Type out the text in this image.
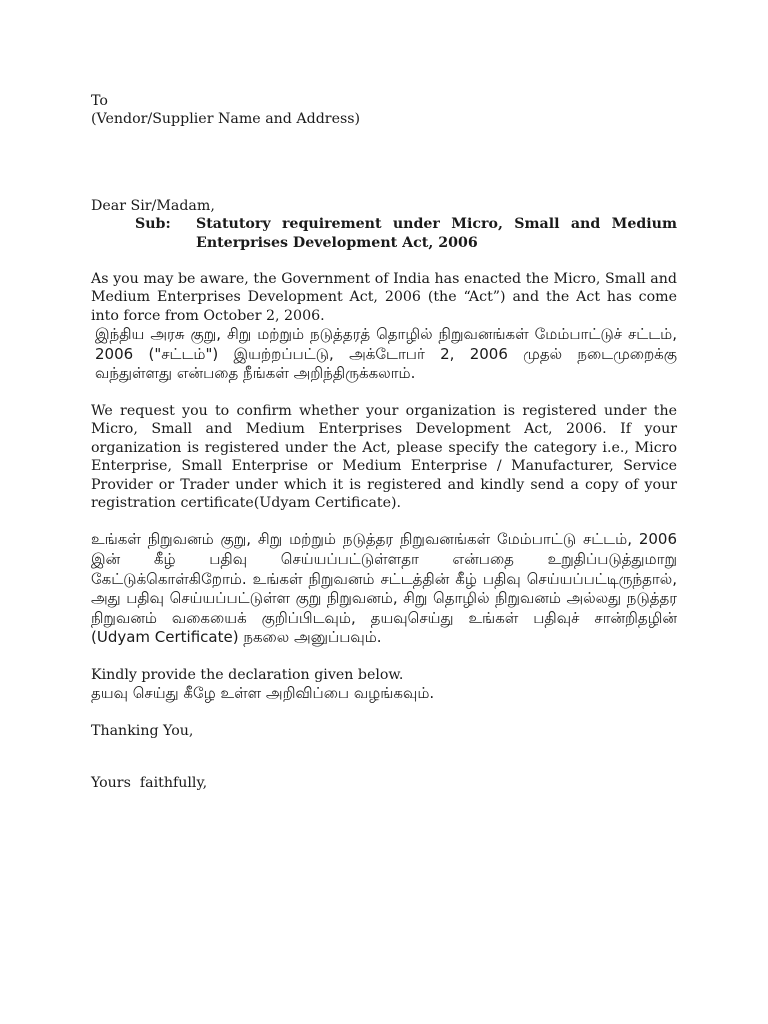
To

(Vendor/Supplier Name and Address)

Dear Sir/Madam,

Sub:	Statutory requirement under Micro, Small and Medium Enterprises Development Act, 2006

As you may be aware, the Government of India has enacted the Micro, Small and Medium Enterprises Development Act, 2006 (the “Act”) and the Act has come into force from October 2, 2006.

இந்திய அரசு குறு, சிறு மற்றும் நடுத்தரத் தொழில் நிறுவனங்கள் மேம்பாட்டுச் சட்டம், 2006 ("சட்டம்") இயற்றப்பட்டு, அக்டோபர் 2, 2006 முதல் நடைமுறைக்கு வந்துள்ளது என்பதை நீங்கள் அறிந்திருக்கலாம்.

We request you to confirm whether your organization is registered under the Micro, Small and Medium Enterprises Development Act, 2006. If your organization is registered under the Act, please specify the category i.e., Micro Enterprise, Small Enterprise or Medium Enterprise / Manufacturer, Service Provider or Trader under which it is registered and kindly send a copy of your registration certificate(Udyam Certificate).

உங்கள் நிறுவனம் குறு, சிறு மற்றும் நடுத்தர நிறுவனங்கள் மேம்பாட்டு சட்டம், 2006 இன் கீழ் பதிவு செய்யப்பட்டுள்ளதா என்பதை உறுதிப்படுத்துமாறு கேட்டுக்கொள்கிறோம். உங்கள் நிறுவனம் சட்டத்தின் கீழ் பதிவு செய்யப்பட்டிருந்தால், அது பதிவு செய்யப்பட்டுள்ள குறு நிறுவனம், சிறு தொழில் நிறுவனம் அல்லது நடுத்தர நிறுவனம் வகையைக் குறிப்பிடவும், தயவுசெய்து உங்கள் பதிவுச் சான்றிதழின் (Udyam Certificate) நகலை அனுப்பவும்.

Kindly provide the declaration given below.

தயவு செய்து கீழே உள்ள அறிவிப்பை வழங்கவும்.

Thanking You,

Yours  faithfully,
